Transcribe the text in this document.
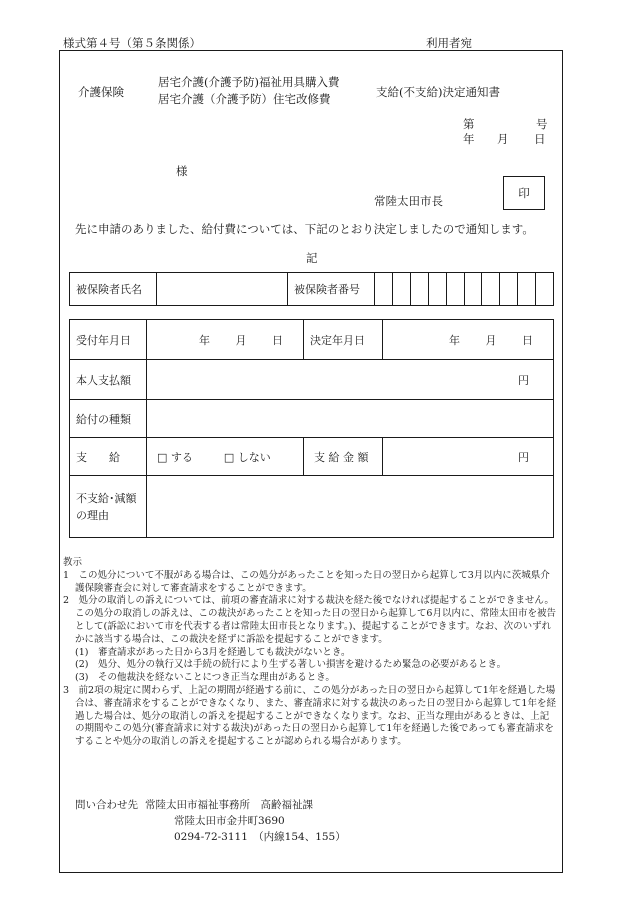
様式第４号（第５条関係）	利用者宛
介護保険
居宅介護(介護予防)福祉用具購入費
居宅介護（介護予防）住宅改修費	支給(不支給)決定通知書
第	号
年 月 日
様
常陸太田市長
印
先に申請のありました、給付費については、下記のとおり決定しましたので通知します。
記
被保険者氏名		被保険者番号	
受付年月日	年 月 日	決定年月日	年 月 日

本人支払額	円		
給付の種類			
支　　給	□ する □ しない	支 給 金 額	円

不支給･減額
の理由			

教示

1　この処分について不服がある場合は、この処分があったことを知った日の翌日から起算して3月以内に茨城県介護保険審査会に対して審査請求をすることができます。

2　処分の取消しの訴えについては、前項の審査請求に対する裁決を経た後でなければ提起することができません。この処分の取消しの訴えは、この裁決があったことを知った日の翌日から起算して6月以内に、常陸太田市を被告として(訴訟において市を代表する者は常陸太田市長となります。)、提起することができます。なお、次のいずれかに該当する場合は、この裁決を経ずに訴訟を提起することができます。

(1)　審査請求があった日から3月を経過しても裁決がないとき。

(2)　処分、処分の執行又は手続の続行により生ずる著しい損害を避けるため緊急の必要があるとき。

(3)　その他裁決を経ないことにつき正当な理由があるとき。

3　前2項の規定に関わらず、上記の期間が経過する前に、この処分があった日の翌日から起算して1年を経過した場合は、審査請求をすることができなくなり、また、審査請求に対する裁決のあった日の翌日から起算して1年を経過した場合は、処分の取消しの訴えを提起することができなくなります。なお、正当な理由があるときは、上記の期間やこの処分(審査請求に対する裁決)があった日の翌日から起算して1年を経過した後であっても審査請求をすることや処分の取消しの訴えを提起することが認められる場合があります。

問い合わせ先 常陸太田市福祉事務所　高齢福祉課
常陸太田市金井町3690
0294-72-3111　（内線154、155）
